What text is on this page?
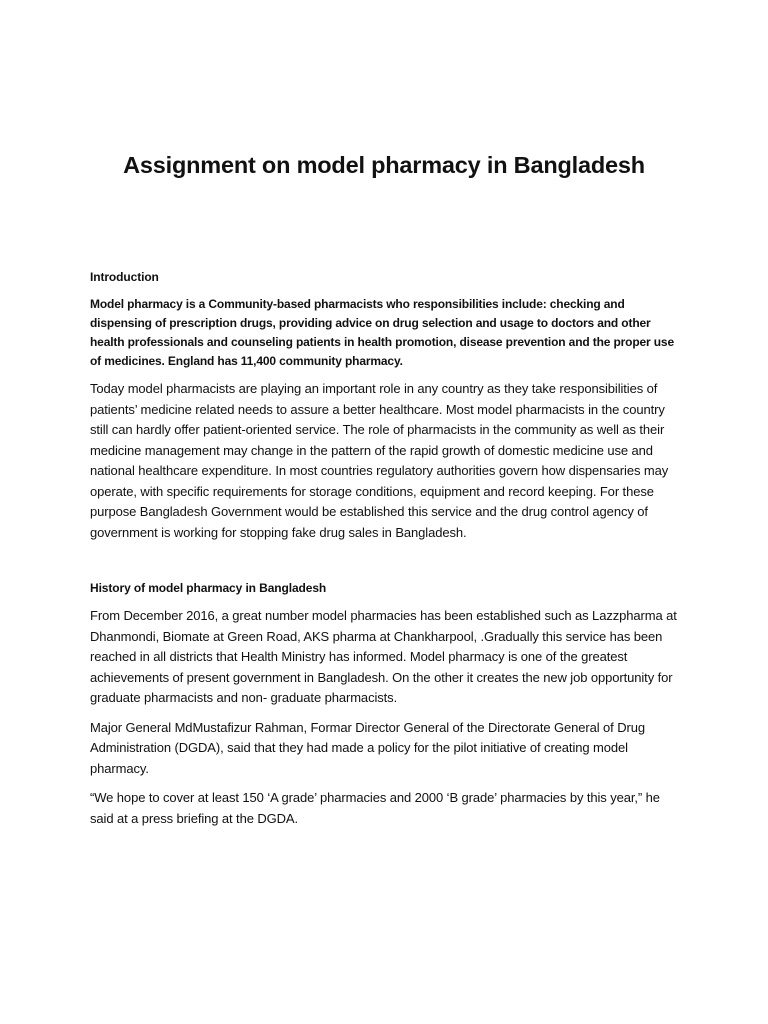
Assignment on model pharmacy in Bangladesh

Introduction

Model pharmacy is a Community-based pharmacists who responsibilities include: checking and dispensing of prescription drugs, providing advice on drug selection and usage to doctors and other health professionals and counseling patients in health promotion, disease prevention and the proper use of medicines. England has 11,400 community pharmacy.

Today model pharmacists are playing an important role in any country as they take responsibilities of patients’ medicine related needs to assure a better healthcare. Most model pharmacists in the country still can hardly offer patient-oriented service. The role of pharmacists in the community as well as their medicine management may change in the pattern of the rapid growth of domestic medicine use and national healthcare expenditure. In most countries regulatory authorities govern how dispensaries may operate, with specific requirements for storage conditions, equipment and record keeping. For these purpose Bangladesh Government would be established this service and the drug control agency of government is working for stopping fake drug sales in Bangladesh.

History of model pharmacy in Bangladesh

From December 2016, a great number model pharmacies has been established such as Lazzpharma at Dhanmondi, Biomate at Green Road, AKS pharma at Chankharpool, .Gradually this service has been reached in all districts that Health Ministry has informed. Model pharmacy is one of the greatest achievements of present government in Bangladesh. On the other it creates the new job opportunity for graduate pharmacists and non- graduate pharmacists.

Major General MdMustafizur Rahman, Formar Director General of the Directorate General of Drug Administration (DGDA), said that they had made a policy for the pilot initiative of creating model pharmacy.

“We hope to cover at least 150 ‘A grade’ pharmacies and 2000 ‘B grade’ pharmacies by this year,” he said at a press briefing at the DGDA.
